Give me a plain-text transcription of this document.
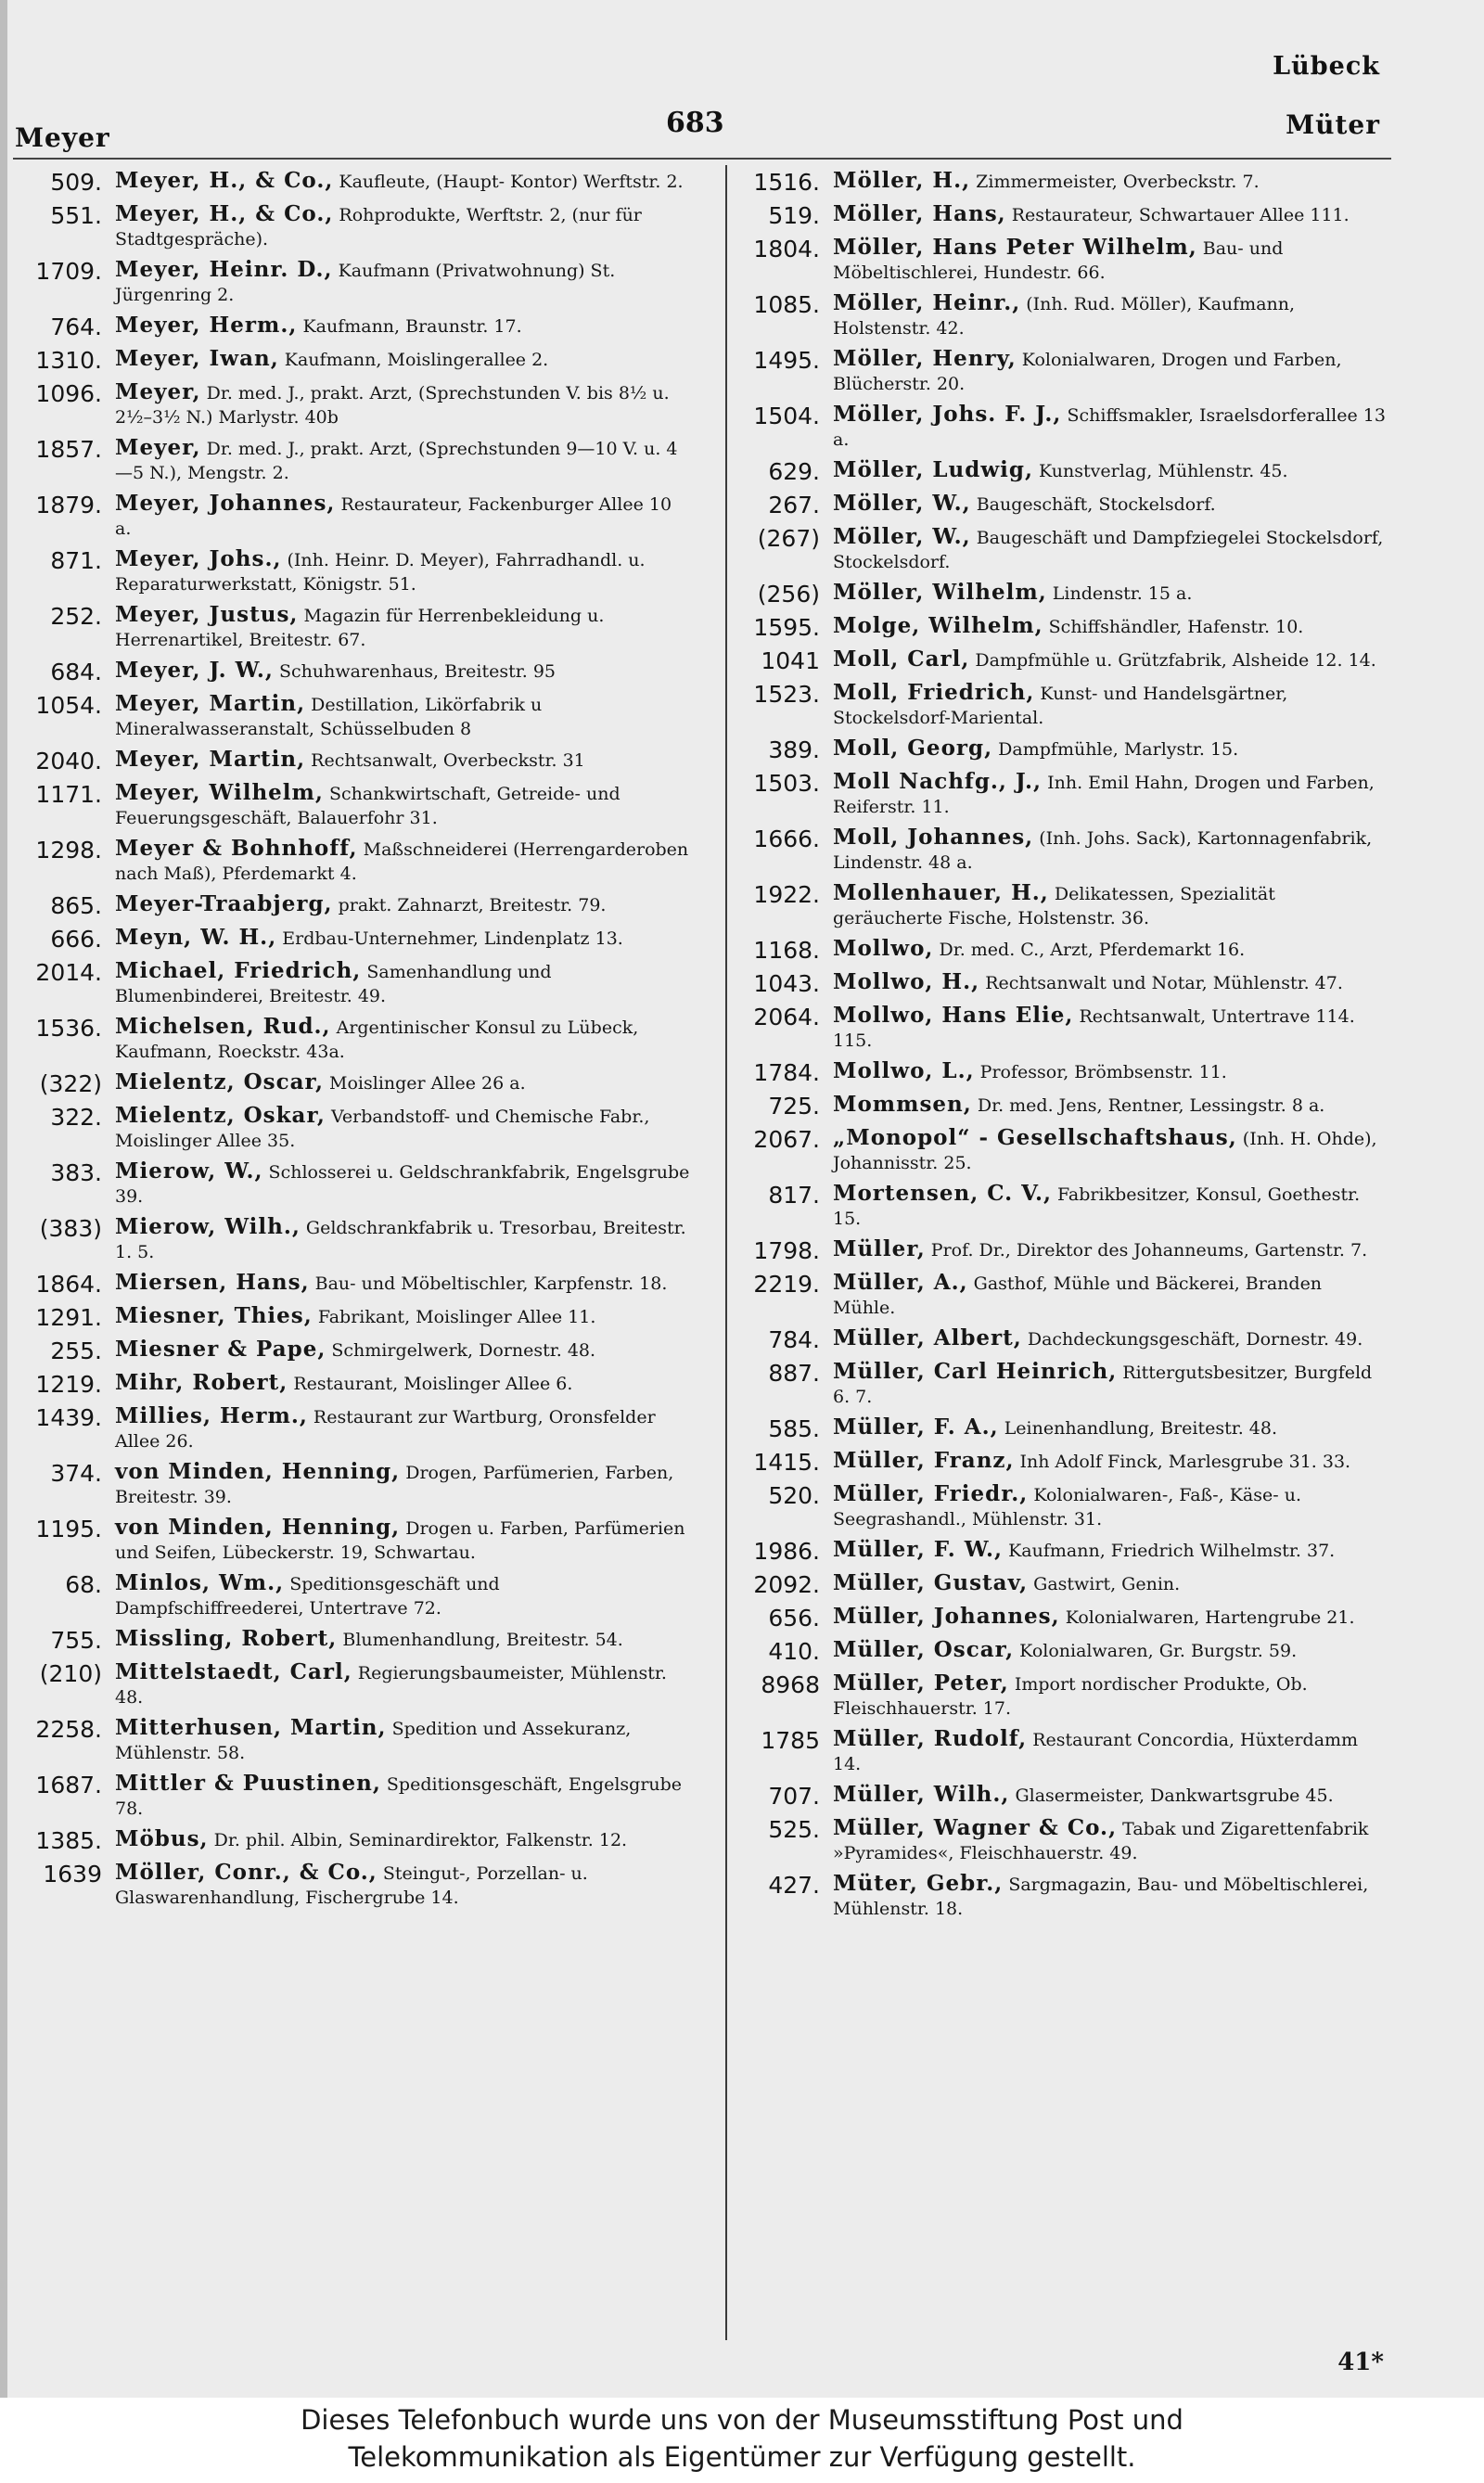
Lübeck
683
Meyer	Müter
509. Meyer, H., & Co., Kaufleute, (Haupt- Kontor) Werftstr. 2.
551. Meyer, H., & Co., Rohprodukte, Werftstr. 2, (nur für Stadtgespräche).
1709. Meyer, Heinr. D., Kaufmann (Privatwohnung) St. Jürgenring 2.
764. Meyer, Herm., Kaufmann, Braunstr. 17.
1310. Meyer, Iwan, Kaufmann, Moislingerallee 2.
1096. Meyer, Dr. med. J., prakt. Arzt, (Sprechstunden V. bis 8½ u. 2½–3½ N.) Marlystr. 40b
1857. Meyer, Dr. med. J., prakt. Arzt, (Sprechstunden 9—10 V. u. 4—5 N.), Mengstr. 2.
1879. Meyer, Johannes, Restaurateur, Fackenburger Allee 10 a.
871. Meyer, Johs., (Inh. Heinr. D. Meyer), Fahrradhandl. u. Reparaturwerkstatt, Königstr. 51.
252. Meyer, Justus, Magazin für Herrenbekleidung u. Herrenartikel, Breitestr. 67.
684. Meyer, J. W., Schuhwarenhaus, Breitestr. 95
1054. Meyer, Martin, Destillation, Likörfabrik u Mineralwasseranstalt, Schüsselbuden 8
2040. Meyer, Martin, Rechtsanwalt, Overbeckstr. 31
1171. Meyer, Wilhelm, Schankwirtschaft, Getreide- und Feuerungsgeschäft, Balauerfohr 31.
1298. Meyer & Bohnhoff, Maßschneiderei (Herrengarderoben nach Maß), Pferdemarkt 4.
865. Meyer-Traabjerg, prakt. Zahnarzt, Breitestr. 79.
666. Meyn, W. H., Erdbau-Unternehmer, Lindenplatz 13.
2014. Michael, Friedrich, Samenhandlung und Blumenbinderei, Breitestr. 49.
1536. Michelsen, Rud., Argentinischer Konsul zu Lübeck, Kaufmann, Roeckstr. 43a.
(322) Mielentz, Oscar, Moislinger Allee 26 a.
322. Mielentz, Oskar, Verbandstoff- und Chemische Fabr., Moislinger Allee 35.
383. Mierow, W., Schlosserei u. Geldschrankfabrik, Engelsgrube 39.
(383) Mierow, Wilh., Geldschrankfabrik u. Tresorbau, Breitestr. 1. 5.
1864. Miersen, Hans, Bau- und Möbeltischler, Karpfenstr. 18.
1291. Miesner, Thies, Fabrikant, Moislinger Allee 11.
255. Miesner & Pape, Schmirgelwerk, Dornestr. 48.
1219. Mihr, Robert, Restaurant, Moislinger Allee 6.
1439. Millies, Herm., Restaurant zur Wartburg, Oronsfelder Allee 26.
374. von Minden, Henning, Drogen, Parfümerien, Farben, Breitestr. 39.
1195. von Minden, Henning, Drogen u. Farben, Parfümerien und Seifen, Lübeckerstr. 19, Schwartau.
68. Minlos, Wm., Speditionsgeschäft und Dampfschiffreederei, Untertrave 72.
755. Missling, Robert, Blumenhandlung, Breitestr. 54.
(210) Mittelstaedt, Carl, Regierungsbaumeister, Mühlenstr. 48.
2258. Mitterhusen, Martin, Spedition und Assekuranz, Mühlenstr. 58.
1687. Mittler & Puustinen, Speditionsgeschäft, Engelsgrube 78.
1385. Möbus, Dr. phil. Albin, Seminardirektor, Falkenstr. 12.
1639 Möller, Conr., & Co., Steingut-, Porzellan- u. Glaswarenhandlung, Fischergrube 14.
1516. Möller, H., Zimmermeister, Overbeckstr. 7.
519. Möller, Hans, Restaurateur, Schwartauer Allee 111.
1804. Möller, Hans Peter Wilhelm, Bau- und Möbeltischlerei, Hundestr. 66.
1085. Möller, Heinr., (Inh. Rud. Möller), Kaufmann, Holstenstr. 42.
1495. Möller, Henry, Kolonialwaren, Drogen und Farben, Blücherstr. 20.
1504. Möller, Johs. F. J., Schiffsmakler, Israelsdorferallee 13 a.
629. Möller, Ludwig, Kunstverlag, Mühlenstr. 45.
267. Möller, W., Baugeschäft, Stockelsdorf.
(267) Möller, W., Baugeschäft und Dampfziegelei Stockelsdorf, Stockelsdorf.
(256) Möller, Wilhelm, Lindenstr. 15 a.
1595. Molge, Wilhelm, Schiffshändler, Hafenstr. 10.
1041 Moll, Carl, Dampfmühle u. Grützfabrik, Alsheide 12. 14.
1523. Moll, Friedrich, Kunst- und Handelsgärtner, Stockelsdorf-Mariental.
389. Moll, Georg, Dampfmühle, Marlystr. 15.
1503. Moll Nachfg., J., Inh. Emil Hahn, Drogen und Farben, Reiferstr. 11.
1666. Moll, Johannes, (Inh. Johs. Sack), Kartonnagenfabrik, Lindenstr. 48 a.
1922. Mollenhauer, H., Delikatessen, Spezialität geräucherte Fische, Holstenstr. 36.
1168. Mollwo, Dr. med. C., Arzt, Pferdemarkt 16.
1043. Mollwo, H., Rechtsanwalt und Notar, Mühlenstr. 47.
2064. Mollwo, Hans Elie, Rechtsanwalt, Untertrave 114. 115.
1784. Mollwo, L., Professor, Brömbsenstr. 11.
725. Mommsen, Dr. med. Jens, Rentner, Lessingstr. 8 a.
2067. „Monopol“ - Gesellschaftshaus, (Inh. H. Ohde), Johannisstr. 25.
817. Mortensen, C. V., Fabrikbesitzer, Konsul, Goethestr. 15.
1798. Müller, Prof. Dr., Direktor des Johanneums, Gartenstr. 7.
2219. Müller, A., Gasthof, Mühle und Bäckerei, Branden Mühle.
784. Müller, Albert, Dachdeckungsgeschäft, Dornestr. 49.
887. Müller, Carl Heinrich, Rittergutsbesitzer, Burgfeld 6. 7.
585. Müller, F. A., Leinenhandlung, Breitestr. 48.
1415. Müller, Franz, Inh Adolf Finck, Marlesgrube 31. 33.
520. Müller, Friedr., Kolonialwaren-, Faß-, Käse- u. Seegrashandl., Mühlenstr. 31.
1986. Müller, F. W., Kaufmann, Friedrich Wilhelmstr. 37.
2092. Müller, Gustav, Gastwirt, Genin.
656. Müller, Johannes, Kolonialwaren, Hartengrube 21.
410. Müller, Oscar, Kolonialwaren, Gr. Burgstr. 59.
8968 Müller, Peter, Import nordischer Produkte, Ob. Fleischhauerstr. 17.
1785 Müller, Rudolf, Restaurant Concordia, Hüxterdamm 14.
707. Müller, Wilh., Glasermeister, Dankwartsgrube 45.
525. Müller, Wagner & Co., Tabak und Zigarettenfabrik »Pyramides«, Fleischhauerstr. 49.
427. Müter, Gebr., Sargmagazin, Bau- und Möbeltischlerei, Mühlenstr. 18.
41*
Dieses Telefonbuch wurde uns von der Museumsstiftung Post und
Telekommunikation als Eigentümer zur Verfügung gestellt.
